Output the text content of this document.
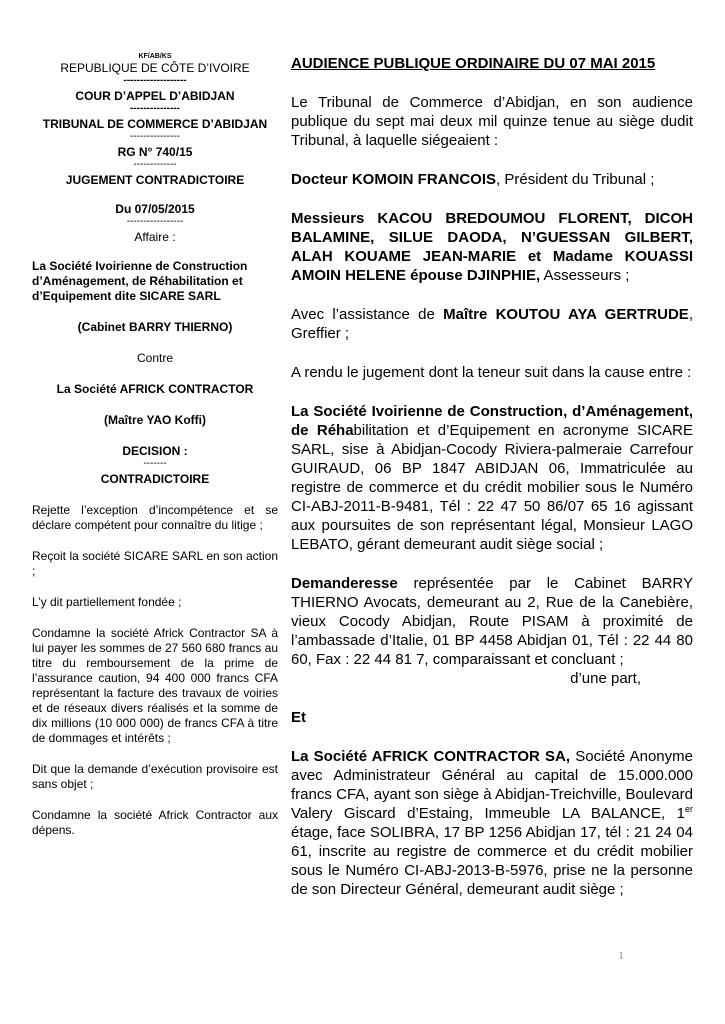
KF/AB/KS
REPUBLIQUE DE CÔTE D’IVOIRE
-------------------
COUR D’APPEL D’ABIDJAN
---------------
TRIBUNAL DE COMMERCE D’ABIDJAN
---------------
RG N° 740/15
-------------
JUGEMENT CONTRADICTOIRE
Du 07/05/2015
-----------------
Affaire :
La Société Ivoirienne de Construction d’Aménagement, de Réhabilitation et d’Equipement dite SICARE SARL
(Cabinet BARRY THIERNO)
Contre
La Société AFRICK CONTRACTOR
(Maître YAO Koffi)
DECISION :
-------
CONTRADICTOIRE
Rejette l’exception d’incompétence et se déclare compétent pour connaître du litige ;
Reçoit la société SICARE SARL en son action ;
L’y dit partiellement fondée ;
Condamne la société Africk Contractor SA à lui payer les sommes de 27 560 680 francs au titre du remboursement de la prime de l’assurance caution, 94 400 000 francs CFA représentant la facture des travaux de voiries et de réseaux divers réalisés et la somme de dix millions (10 000 000) de francs CFA à titre de dommages et intérêts ;
Dit que la demande d’exécution provisoire est sans objet ;
Condamne la société Africk Contractor aux dépens.

AUDIENCE PUBLIQUE ORDINAIRE DU 07 MAI 2015

Le Tribunal de Commerce d’Abidjan, en son audience publique du sept mai deux mil quinze tenue au siège dudit Tribunal, à laquelle siégeaient :

Docteur KOMOIN FRANCOIS, Président du Tribunal ;

Messieurs KACOU BREDOUMOU FLORENT, DICOH BALAMINE, SILUE DAODA, N’GUESSAN GILBERT, ALAH KOUAME JEAN-MARIE et Madame KOUASSI AMOIN HELENE épouse DJINPHIE, Assesseurs ;

Avec l’assistance de Maître KOUTOU AYA GERTRUDE, Greffier ;

A rendu le jugement dont la teneur suit dans la cause entre :

La Société Ivoirienne de Construction, d’Aménagement, de Réhabilitation et d’Equipement en acronyme SICARE SARL, sise à Abidjan-Cocody Riviera-palmeraie Carrefour GUIRAUD, 06 BP 1847 ABIDJAN 06, Immatriculée au registre de commerce et du crédit mobilier sous le Numéro CI-ABJ-2011-B-9481, Tél : 22 47 50 86/07 65 16 agissant aux poursuites de son représentant légal, Monsieur LAGO LEBATO, gérant demeurant audit siège social ;

Demanderesse représentée par le Cabinet BARRY THIERNO Avocats, demeurant au 2, Rue de la Canebière, vieux Cocody Abidjan, Route PISAM à proximité de l’ambassade d’Italie, 01 BP 4458 Abidjan 01, Tél : 22 44 80 60, Fax : 22 44 81 7, comparaissant et concluant ;

d’une part,

Et

La Société AFRICK CONTRACTOR SA, Société Anonyme avec Administrateur Général au capital de 15.000.000 francs CFA, ayant son siège à Abidjan-Treichville, Boulevard Valery Giscard d’Estaing, Immeuble LA BALANCE, 1er étage, face SOLIBRA, 17 BP 1256 Abidjan 17, tél : 21 24 04 61, inscrite au registre de commerce et du crédit mobilier sous le Numéro CI-ABJ-2013-B-5976, prise ne la personne de son Directeur Général, demeurant audit siège ;

1
